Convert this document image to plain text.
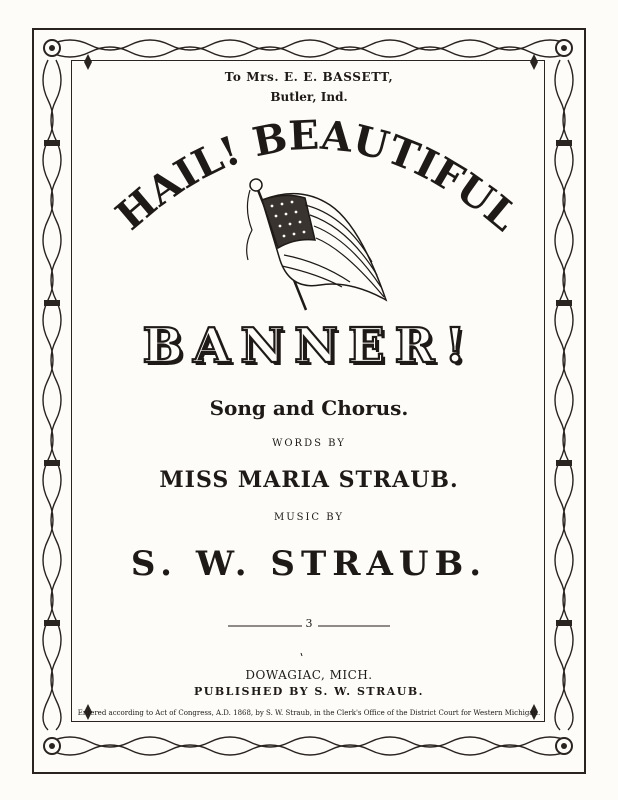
To Mrs. E. E. BASSETT,
Butler, Ind.
HAIL! BEAUTIFUL
BANNER!
Song and Chorus.
WORDS BY
MISS MARIA STRAUB.
MUSIC BY
S. W. STRAUB.
3
DOWAGIAC, MICH.
PUBLISHED BY S. W. STRAUB.
Entered according to Act of Congress, A.D. 1868, by S. W. Straub, in the Clerk's Office of the District Court for Western Michigan.
